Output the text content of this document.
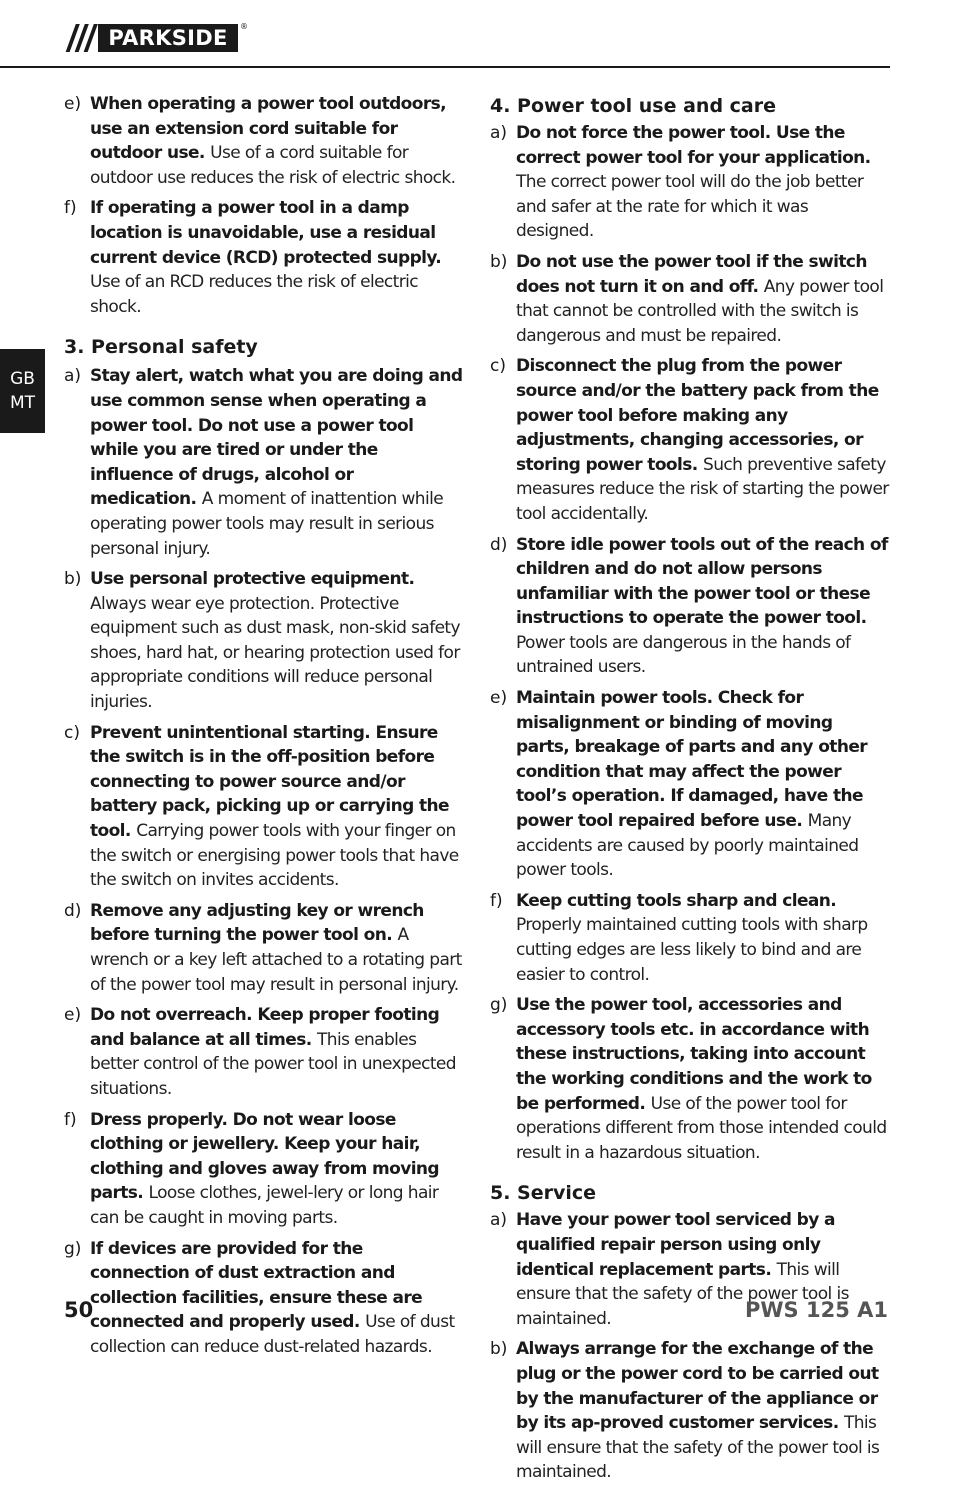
PARKSIDE	®
GB
MT
e) When operating a power tool outdoors, use an extension cord suitable for outdoor use. Use of a cord suitable for outdoor use reduces the risk of electric shock.
f) If operating a power tool in a damp location is unavoidable, use a residual current device (RCD) protected supply. Use of an RCD reduces the risk of electric shock.
3. Personal safety
a) Stay alert, watch what you are doing and use common sense when operating a power tool. Do not use a power tool while you are tired or under the influence of drugs, alcohol or medication. A moment of inattention while operating power tools may result in serious personal injury.
b) Use personal protective equipment. Always wear eye protection. Protective equipment such as dust mask, non-skid safety shoes, hard hat, or hearing protection used for appropriate conditions will reduce personal injuries.
c) Prevent unintentional starting. Ensure the switch is in the off-position before connecting to power source and/or battery pack, picking up or carrying the tool. Carrying power tools with your finger on the switch or energising power tools that have the switch on invites accidents.
d) Remove any adjusting key or wrench before turning the power tool on. A wrench or a key left attached to a rotating part of the power tool may result in personal injury.
e) Do not overreach. Keep proper footing and balance at all times. This enables better control of the power tool in unexpected situations.
f) Dress properly. Do not wear loose clothing or jewellery. Keep your hair, clothing and gloves away from moving parts. Loose clothes, jewel-lery or long hair can be caught in moving parts.
g) If devices are provided for the connection of dust extraction and collection facilities, ensure these are connected and properly used. Use of dust collection can reduce dust-related hazards.
4. Power tool use and care
a) Do not force the power tool. Use the correct power tool for your application. The correct power tool will do the job better and safer at the rate for which it was designed.
b) Do not use the power tool if the switch does not turn it on and off. Any power tool that cannot be controlled with the switch is dangerous and must be repaired.
c) Disconnect the plug from the power source and/or the battery pack from the power tool before making any adjustments, changing accessories, or storing power tools. Such preventive safety measures reduce the risk of starting the power tool accidentally.
d) Store idle power tools out of the reach of children and do not allow persons unfamiliar with the power tool or these instructions to operate the power tool. Power tools are dangerous in the hands of untrained users.
e) Maintain power tools. Check for misalignment or binding of moving parts, breakage of parts and any other condition that may affect the power tool’s operation. If damaged, have the power tool repaired before use. Many accidents are caused by poorly maintained power tools.
f) Keep cutting tools sharp and clean. Properly maintained cutting tools with sharp cutting edges are less likely to bind and are easier to control.
g) Use the power tool, accessories and accessory tools etc. in accordance with these instructions, taking into account the working conditions and the work to be performed. Use of the power tool for operations different from those intended could result in a hazardous situation.
5. Service
a) Have your power tool serviced by a qualified repair person using only identical replacement parts. This will ensure that the safety of the power tool is maintained.
b) Always arrange for the exchange of the plug or the power cord to be carried out by the manufacturer of the appliance or by its ap-proved customer services. This will ensure that the safety of the power tool is maintained.
50	PWS 125 A1
